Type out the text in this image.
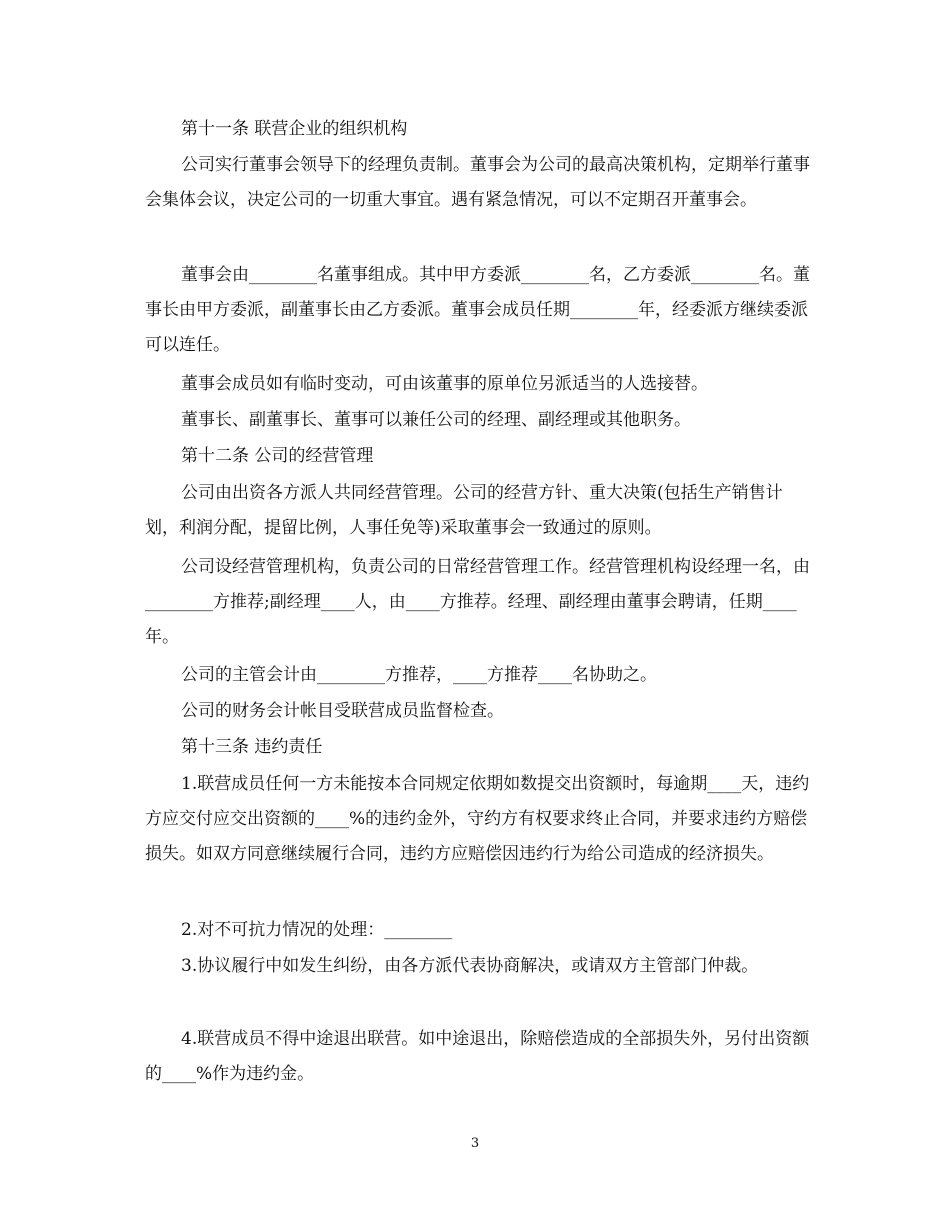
第十一条 联营企业的组织机构

公司实行董事会领导下的经理负责制。董事会为公司的最高决策机构，定期举行董事会集体会议，决定公司的一切重大事宜。遇有紧急情况，可以不定期召开董事会。

董事会由________名董事组成。其中甲方委派________名，乙方委派________名。董事长由甲方委派，副董事长由乙方委派。董事会成员任期________年，经委派方继续委派可以连任。

董事会成员如有临时变动，可由该董事的原单位另派适当的人选接替。

董事长、副董事长、董事可以兼任公司的经理、副经理或其他职务。

第十二条 公司的经营管理

公司由出资各方派人共同经营管理。公司的经营方针、重大决策(包括生产销售计划，利润分配，提留比例，人事任免等)采取董事会一致通过的原则。

公司设经营管理机构，负责公司的日常经营管理工作。经营管理机构设经理一名，由________方推荐;副经理____人，由____方推荐。经理、副经理由董事会聘请，任期____年。

公司的主管会计由________方推荐，____方推荐____名协助之。

公司的财务会计帐目受联营成员监督检查。

第十三条 违约责任

1.联营成员任何一方未能按本合同规定依期如数提交出资额时，每逾期____天，违约方应交付应交出资额的____%的违约金外，守约方有权要求终止合同，并要求违约方赔偿损失。如双方同意继续履行合同，违约方应赔偿因违约行为给公司造成的经济损失。

2.对不可抗力情况的处理：________

3.协议履行中如发生纠纷，由各方派代表协商解决，或请双方主管部门仲裁。

4.联营成员不得中途退出联营。如中途退出，除赔偿造成的全部损失外，另付出资额的____%作为违约金。

3
